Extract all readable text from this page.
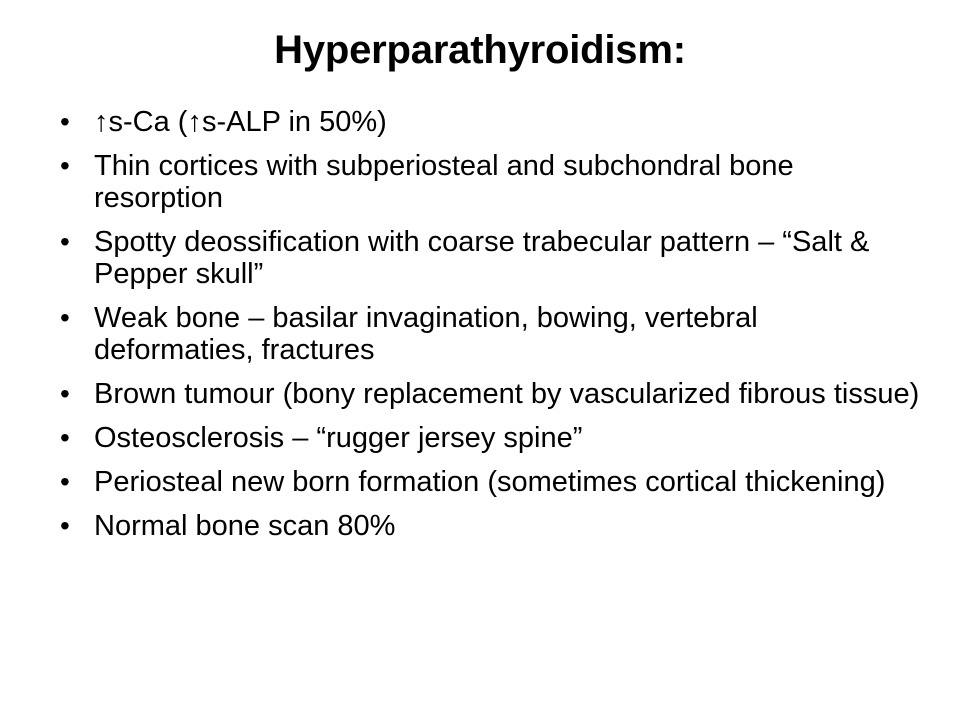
Hyperparathyroidism:
• ↑s-Ca (↑s-ALP in 50%)
• Thin cortices with subperiosteal and subchondral bone resorption
• Spotty deossification with coarse trabecular pattern – “Salt & Pepper skull”
• Weak bone – basilar invagination, bowing, vertebral deformaties, fractures
• Brown tumour (bony replacement by vascularized fibrous tissue)
• Osteosclerosis – “rugger jersey spine”
• Periosteal new born formation (sometimes cortical thickening)
• Normal bone scan 80%
